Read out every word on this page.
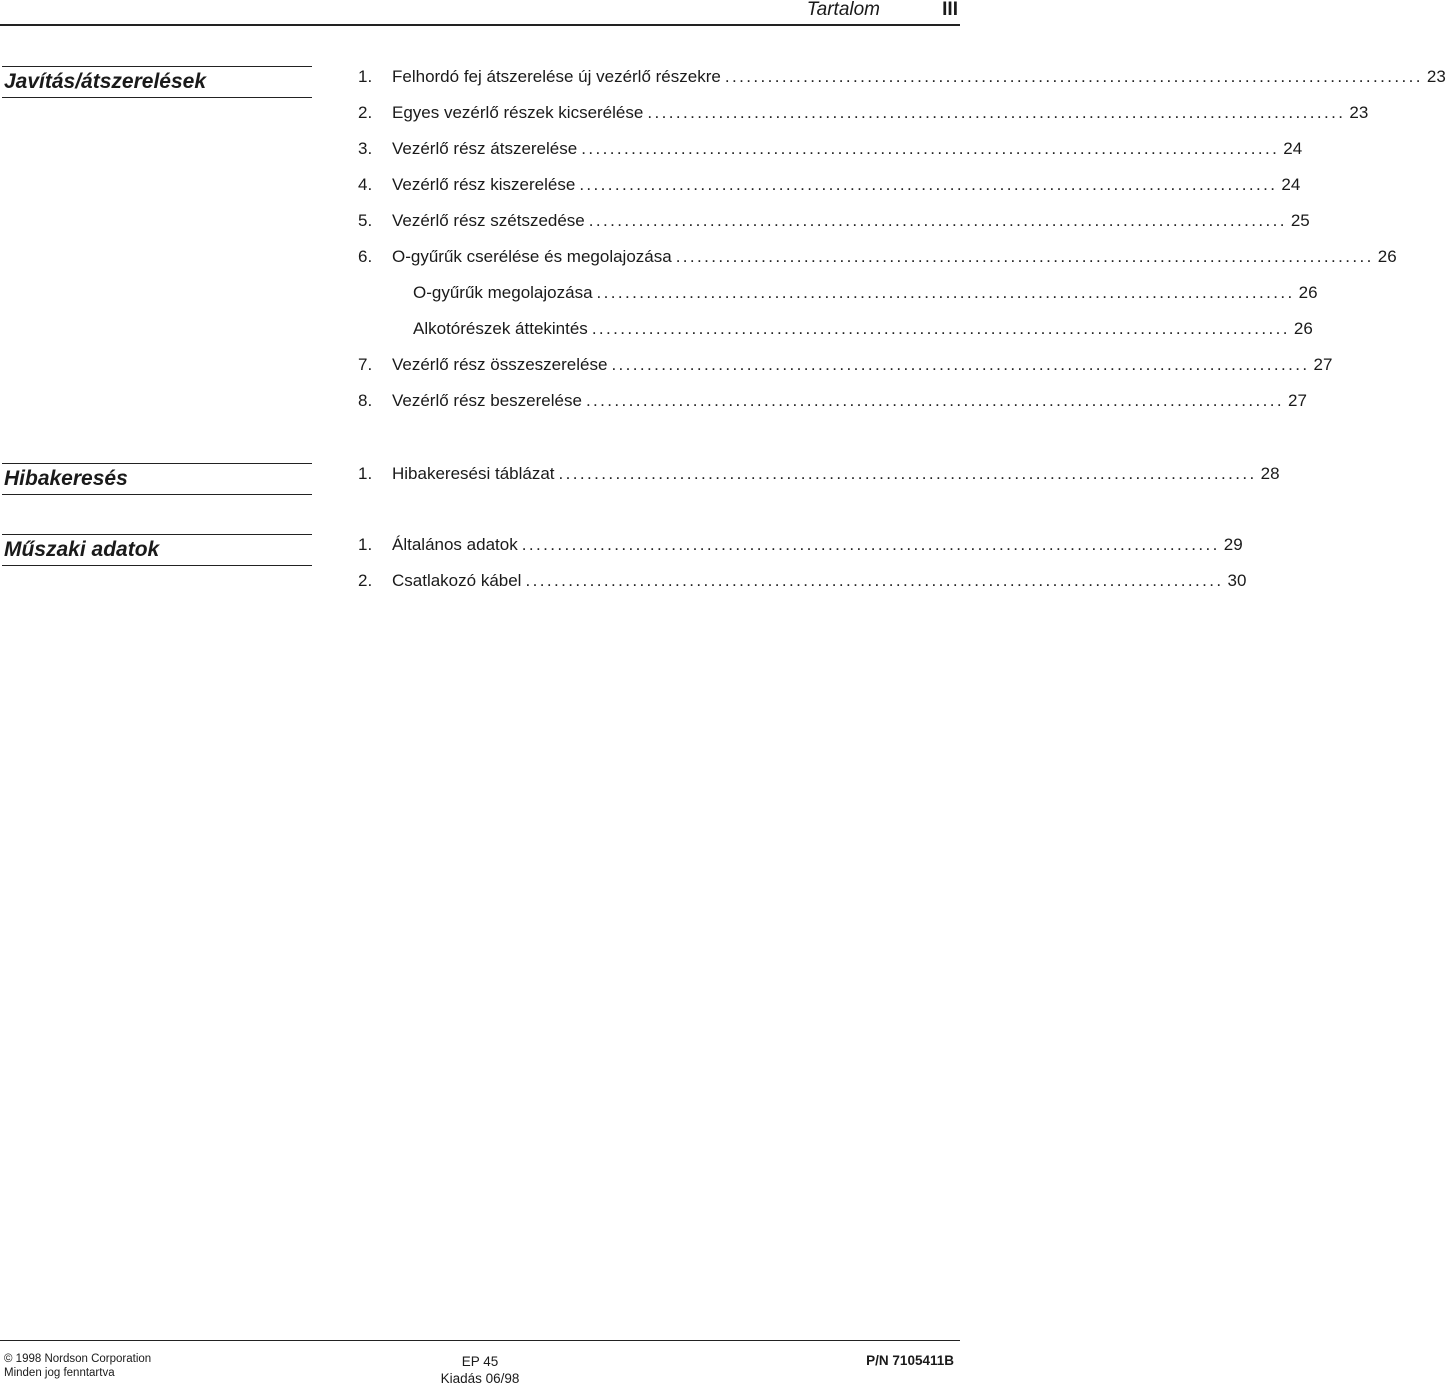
Tartalom	III
Javítás/átszerelések	1. Felhordó fej átszerelése új vezérlő részekre .................................................................................................. 23
2. Egyes vezérlő részek kicserélése .................................................................................................. 23
3. Vezérlő rész átszerelése .................................................................................................. 24
4. Vezérlő rész kiszerelése .................................................................................................. 24
5. Vezérlő rész szétszedése .................................................................................................. 25
6. O-gyűrűk cserélése és megolajozása .................................................................................................. 26
O-gyűrűk megolajozása .................................................................................................. 26
Alkotórészek áttekintés .................................................................................................. 26
7. Vezérlő rész összeszerelése .................................................................................................. 27
8. Vezérlő rész beszerelése .................................................................................................. 27
Hibakeresés	1. Hibakeresési táblázat .................................................................................................. 28
Műszaki adatok	1. Általános adatok .................................................................................................. 29
2. Csatlakozó kábel .................................................................................................. 30
© 1998 Nordson Corporation
Minden jog fenntartva
EP 45
Kiadás 06/98
P/N 7105411B
